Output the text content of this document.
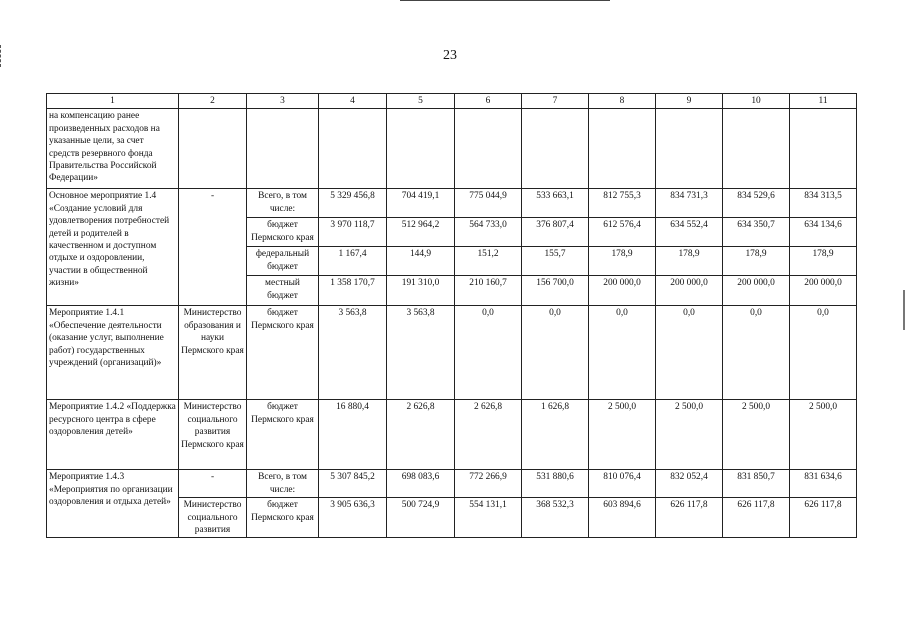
23
1	2	3	4	5	6	7	8	9	10	11
на компенсацию ранее произведенных расходов на указанные цели, за счет средств резервного фонда Правительства Российской Федерации»										
Основное мероприятие 1.4 «Создание условий для удовлетворения потребностей детей и родителей в качественном и доступном отдыхе и оздоровлении, участии в общественной жизни»	-	Всего, в том числе:	5 329 456,8	704 419,1	775 044,9	533 663,1	812 755,3	834 731,3	834 529,6	834 313,5
		бюджет Пермского края	3 970 118,7	512 964,2	564 733,0	376 807,4	612 576,4	634 552,4	634 350,7	634 134,6
		федеральный бюджет	1 167,4	144,9	151,2	155,7	178,9	178,9	178,9	178,9
		местный бюджет	1 358 170,7	191 310,0	210 160,7	156 700,0	200 000,0	200 000,0	200 000,0	200 000,0
Мероприятие 1.4.1 «Обеспечение деятельности (оказание услуг, выполнение работ) государственных учреждений (организаций)»	Министерство образования и науки Пермского края	бюджет Пермского края	3 563,8	3 563,8	0,0	0,0	0,0	0,0	0,0	0,0
Мероприятие 1.4.2 «Поддержка ресурсного центра в сфере оздоровления детей»	Министерство социального развития Пермского края	бюджет Пермского края	16 880,4	2 626,8	2 626,8	1 626,8	2 500,0	2 500,0	2 500,0	2 500,0
Мероприятие 1.4.3 «Мероприятия по организации оздоровления и отдыха детей»	-	Всего, в том числе:	5 307 845,2	698 083,6	772 266,9	531 880,6	810 076,4	832 052,4	831 850,7	831 634,6
	Министерство социального развития	бюджет Пермского края	3 905 636,3	500 724,9	554 131,1	368 532,3	603 894,6	626 117,8	626 117,8	626 117,8
